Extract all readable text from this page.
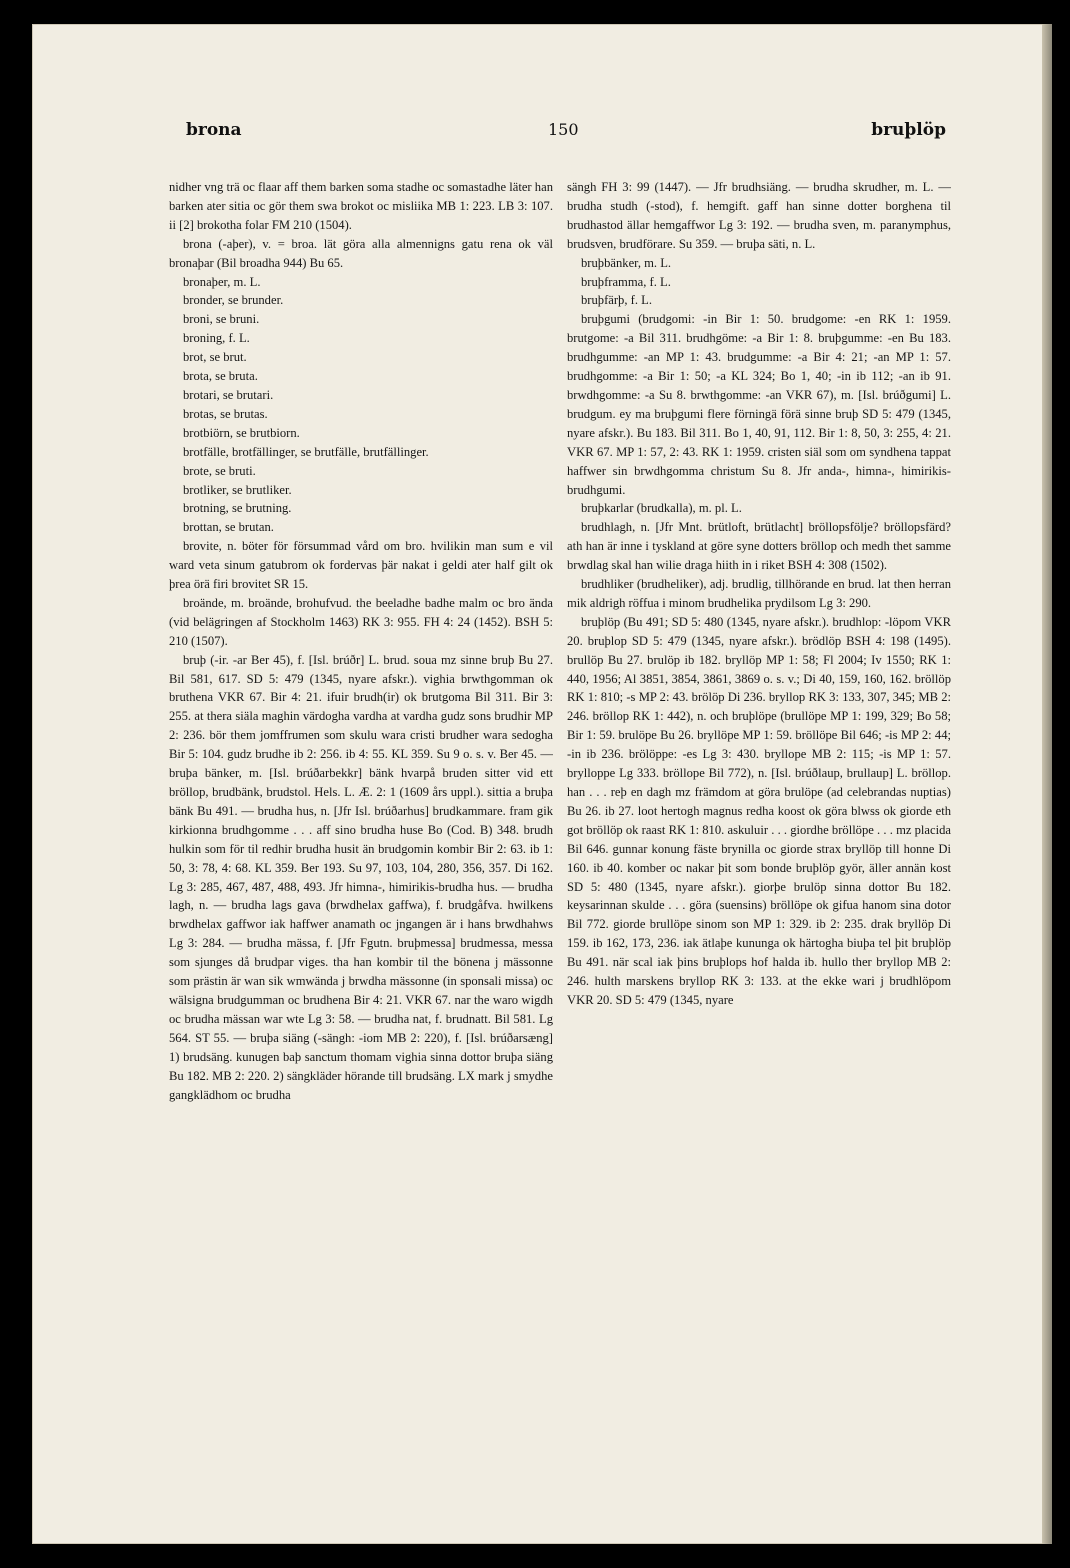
brona	150	bruþlöp

nidher vng trä oc flaar aff them barken soma stadhe oc somastadhe läter han barken ater sitia oc gör them swa brokot oc misliika MB 1: 223. LB 3: 107. ii [2] brokotha folar FM 210 (1504).

brona (-aþer), v. = broa. lät göra alla almennigns gatu rena ok väl bronaþar (Bil broadha 944) Bu 65.

bronaþer, m. L.

bronder, se brunder.

broni, se bruni.

broning, f. L.

brot, se brut.

brota, se bruta.

brotari, se brutari.

brotas, se brutas.

brotbiörn, se brutbiorn.

brotfälle, brotfällinger, se brutfälle, brutfällinger.

brote, se bruti.

brotliker, se brutliker.

brotning, se brutning.

brottan, se brutan.

brovite, n. böter för försummad vård om bro. hvilikin man sum e vil ward veta sinum gatubrom ok fordervas þär nakat i geldi ater half gilt ok þrea örä firi brovitet SR 15.

broände, m. broände, brohufvud. the beeladhe badhe malm oc bro ända (vid belägringen af Stockholm 1463) RK 3: 955. FH 4: 24 (1452). BSH 5: 210 (1507).

bruþ (-ir. -ar Ber 45), f. [Isl. brúðr] L. brud. soua mz sinne bruþ Bu 27. Bil 581, 617. SD 5: 479 (1345, nyare afskr.). vighia brwthgomman ok bruthena VKR 67. Bir 4: 21. ifuir brudh(ir) ok brutgoma Bil 311. Bir 3: 255. at thera siäla maghin värdogha vardha at vardha gudz sons brudhir MP 2: 236. bör them jomffrumen som skulu wara cristi brudher wara sedogha Bir 5: 104. gudz brudhe ib 2: 256. ib 4: 55. KL 359. Su 9 o. s. v. Ber 45. — bruþa bänker, m. [Isl. brúðarbekkr] bänk hvarpå bruden sitter vid ett bröllop, brudbänk, brudstol. Hels. L. Æ. 2: 1 (1609 års uppl.). sittia a bruþa bänk Bu 491. — brudha hus, n. [Jfr Isl. brúðarhus] brudkammare. fram gik kirkionna brudhgomme . . . aff sino brudha huse Bo (Cod. B) 348. brudh hulkin som för til redhir brudha husit än brudgomin kombir Bir 2: 63. ib 1: 50, 3: 78, 4: 68. KL 359. Ber 193. Su 97, 103, 104, 280, 356, 357. Di 162. Lg 3: 285, 467, 487, 488, 493. Jfr himna-, himirikis-brudha hus. — brudha lagh, n. — brudha lags gava (brwdhelax gaffwa), f. brudgåfva. hwilkens brwdhelax gaffwor iak haffwer anamath oc jngangen är i hans brwdhahws Lg 3: 284. — brudha mässa, f. [Jfr Fgutn. bruþmessa] brudmessa, messa som sjunges då brudpar viges. tha han kombir til the bönena j mässonne som prästin är wan sik wmwända j brwdha mässonne (in sponsali missa) oc wälsigna brudgumman oc brudhena Bir 4: 21. VKR 67. nar the waro wigdh oc brudha mässan war wte Lg 3: 58. — brudha nat, f. brudnatt. Bil 581. Lg 564. ST 55. — bruþa siäng (-sängh: -iom MB 2: 220), f. [Isl. brúðarsæng] 1) brudsäng. kunugen baþ sanctum thomam vighia sinna dottor bruþa siäng Bu 182. MB 2: 220. 2) sängkläder hörande till brudsäng. LX mark j smydhe gangklädhom oc brudha

sängh FH 3: 99 (1447). — Jfr brudhsiäng. — brudha skrudher, m. L. — brudha studh (-stod), f. hemgift. gaff han sinne dotter borghena til brudhastod ällar hemgaffwor Lg 3: 192. — brudha sven, m. paranymphus, brudsven, brudförare. Su 359. — bruþa säti, n. L.

bruþbänker, m. L.

bruþframma, f. L.

bruþfärþ, f. L.

bruþgumi (brudgomi: -in Bir 1: 50. brudgome: -en RK 1: 1959. brutgome: -a Bil 311. brudhgöme: -a Bir 1: 8. bruþgumme: -en Bu 183. brudhgumme: -an MP 1: 43. brudgumme: -a Bir 4: 21; -an MP 1: 57. brudhgomme: -a Bir 1: 50; -a KL 324; Bo 1, 40; -in ib 112; -an ib 91. brwdhgomme: -a Su 8. brwthgomme: -an VKR 67), m. [Isl. brúðgumi] L. brudgum. ey ma bruþgumi flere förningä förä sinne bruþ SD 5: 479 (1345, nyare afskr.). Bu 183. Bil 311. Bo 1, 40, 91, 112. Bir 1: 8, 50, 3: 255, 4: 21. VKR 67. MP 1: 57, 2: 43. RK 1: 1959. cristen siäl som om syndhena tappat haffwer sin brwdhgomma christum Su 8. Jfr anda-, himna-, himirikis-brudhgumi.

bruþkarlar (brudkalla), m. pl. L.

brudhlagh, n. [Jfr Mnt. brütloft, brütlacht] bröllopsfölje? bröllopsfärd? ath han är inne i tyskland at göre syne dotters bröllop och medh thet samme brwdlag skal han wilie draga hiith in i riket BSH 4: 308 (1502).

brudhliker (brudheliker), adj. brudlig, tillhörande en brud. lat then herran mik aldrigh röffua i minom brudhelika prydilsom Lg 3: 290.

bruþlöp (Bu 491; SD 5: 480 (1345, nyare afskr.). brudhlop: -löpom VKR 20. bruþlop SD 5: 479 (1345, nyare afskr.). brödlöp BSH 4: 198 (1495). brullöp Bu 27. brulöp ib 182. bryllöp MP 1: 58; Fl 2004; Iv 1550; RK 1: 440, 1956; Al 3851, 3854, 3861, 3869 o. s. v.; Di 40, 159, 160, 162. bröllöp RK 1: 810; -s MP 2: 43. brölöp Di 236. bryllop RK 3: 133, 307, 345; MB 2: 246. bröllop RK 1: 442), n. och bruþlöpe (brullöpe MP 1: 199, 329; Bo 58; Bir 1: 59. brulöpe Bu 26. bryllöpe MP 1: 59. bröllöpe Bil 646; -is MP 2: 44; -in ib 236. brölöppe: -es Lg 3: 430. bryllope MB 2: 115; -is MP 1: 57. brylloppe Lg 333. bröllope Bil 772), n. [Isl. brúðlaup, brullaup] L. bröllop. han . . . reþ en dagh mz främdom at göra brulöpe (ad celebrandas nuptias) Bu 26. ib 27. loot hertogh magnus redha koost ok göra blwss ok giorde eth got bröllöp ok raast RK 1: 810. askuluir . . . giordhe bröllöpe . . . mz placida Bil 646. gunnar konung fäste brynilla oc giorde strax bryllöp till honne Di 160. ib 40. komber oc nakar þit som bonde bruþlöp györ, äller annän kost SD 5: 480 (1345, nyare afskr.). giorþe brulöp sinna dottor Bu 182. keysarinnan skulde . . . göra (suensins) bröllöpe ok gifua hanom sina dotor Bil 772. giorde brullöpe sinom son MP 1: 329. ib 2: 235. drak bryllöp Di 159. ib 162, 173, 236. iak ätlaþe kununga ok härtogha biuþa tel þit bruþlöp Bu 491. när scal iak þins bruþlops hof halda ib. hullo ther bryllop MB 2: 246. hulth marskens bryllop RK 3: 133. at the ekke wari j brudhlöpom VKR 20. SD 5: 479 (1345, nyare
